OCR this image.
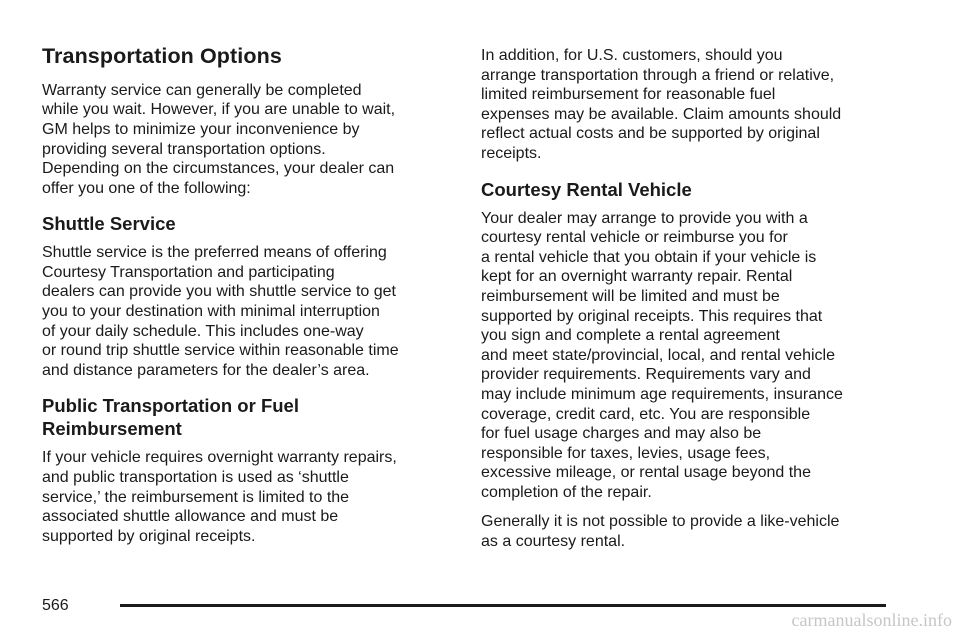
Transportation Options

Warranty service can generally be completed
while you wait. However, if you are unable to wait,
GM helps to minimize your inconvenience by
providing several transportation options.
Depending on the circumstances, your dealer can
offer you one of the following:

Shuttle Service

Shuttle service is the preferred means of offering
Courtesy Transportation and participating
dealers can provide you with shuttle service to get
you to your destination with minimal interruption
of your daily schedule. This includes one-way
or round trip shuttle service within reasonable time
and distance parameters for the dealer’s area.

Public Transportation or Fuel
Reimbursement

If your vehicle requires overnight warranty repairs,
and public transportation is used as ‘shuttle
service,’ the reimbursement is limited to the
associated shuttle allowance and must be
supported by original receipts.

In addition, for U.S. customers, should you
arrange transportation through a friend or relative,
limited reimbursement for reasonable fuel
expenses may be available. Claim amounts should
reflect actual costs and be supported by original
receipts.

Courtesy Rental Vehicle

Your dealer may arrange to provide you with a
courtesy rental vehicle or reimburse you for
a rental vehicle that you obtain if your vehicle is
kept for an overnight warranty repair. Rental
reimbursement will be limited and must be
supported by original receipts. This requires that
you sign and complete a rental agreement
and meet state/provincial, local, and rental vehicle
provider requirements. Requirements vary and
may include minimum age requirements, insurance
coverage, credit card, etc. You are responsible
for fuel usage charges and may also be
responsible for taxes, levies, usage fees,
excessive mileage, or rental usage beyond the
completion of the repair.

Generally it is not possible to provide a like-vehicle
as a courtesy rental.

566
carmanualsonline.info
